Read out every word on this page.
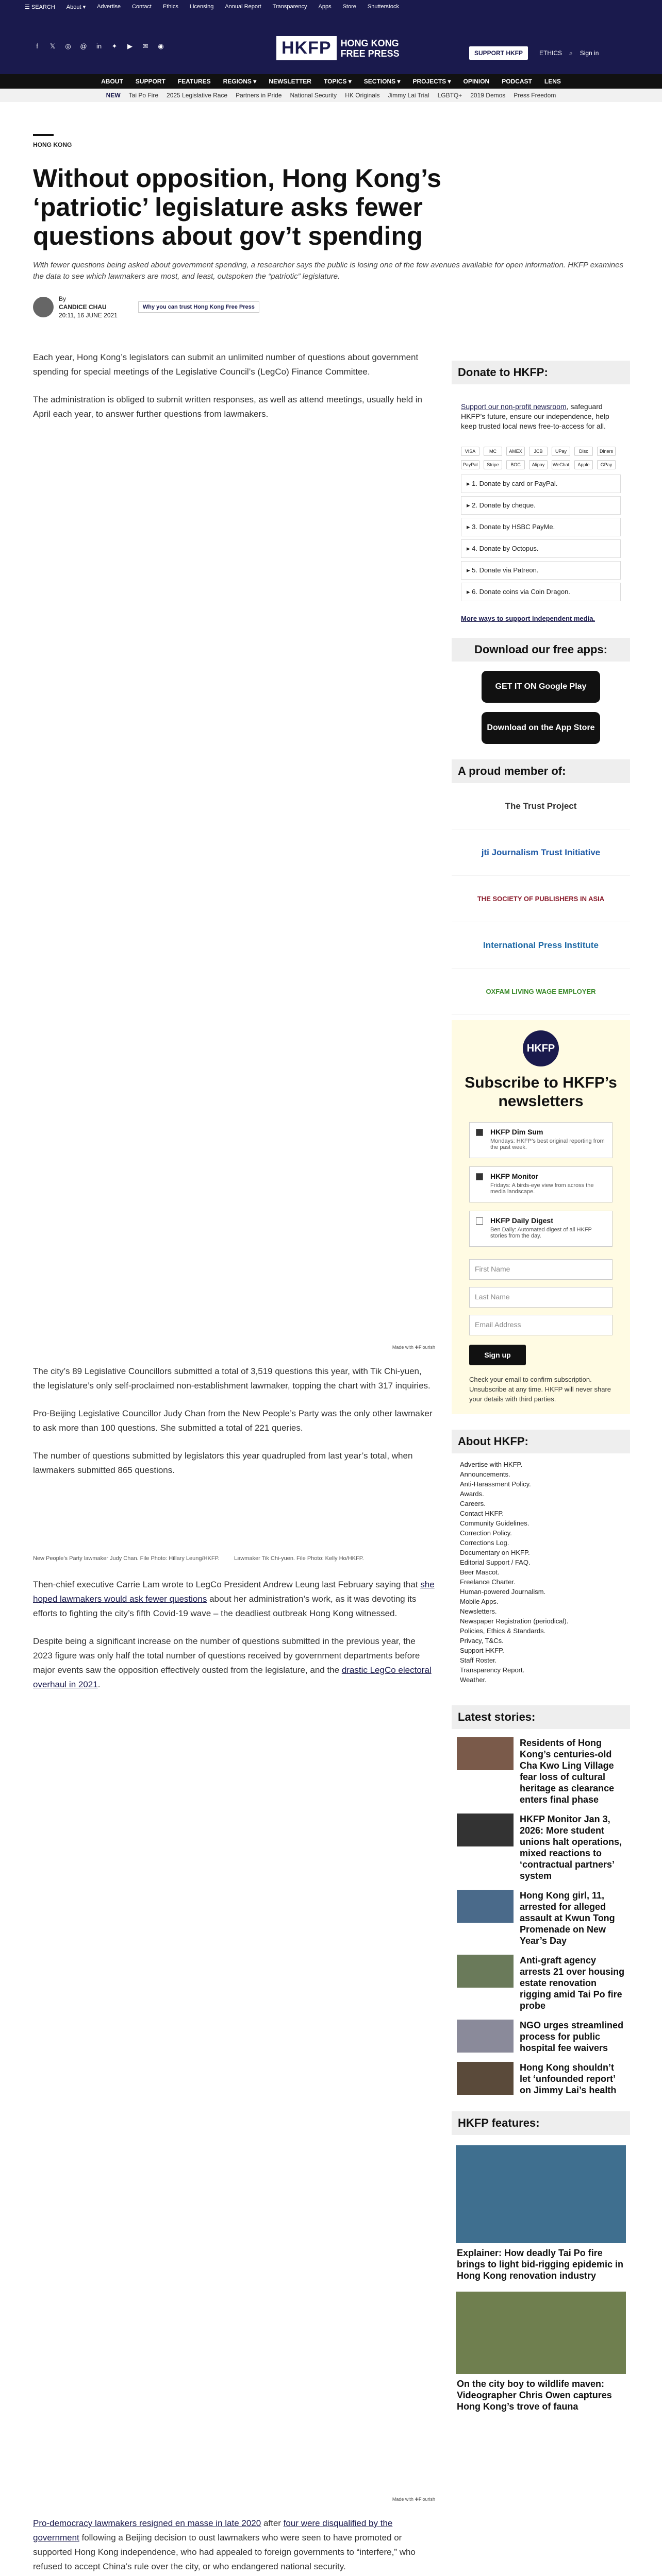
☰ SEARCH About ▾ Advertise Contact Ethics Licensing Annual Report Transparency Apps Store Shutterstock
f	𝕏 ◎ @ in ✦ ▶ ✉ ◉	HKFP	HONG KONG
FREE PRESS	SUPPORT HKFP	ETHICS ⌕ Sign in
ABOUT SUPPORT FEATURES REGIONS ▾ NEWSLETTER TOPICS ▾ SECTIONS ▾ PROJECTS ▾ OPINION PODCAST LENS
NEW Tai Po Fire 2025 Legislative Race Partners in Pride National Security HK Originals Jimmy Lai Trial LGBTQ+ 2019 Demos Press Freedom
HONG KONG
Without opposition, Hong Kong’s ‘patriotic’ legislature asks fewer questions about gov’t spending
With fewer questions being asked about government spending, a researcher says the public is losing one of the few avenues available for open information. HKFP examines the data to see which lawmakers are most, and least, outspoken the “patriotic” legislature.
By
CANDICE CHAU
20:11, 16 JUNE 2021
Why you can trust Hong Kong Free Press

Each year, Hong Kong’s legislators can submit an unlimited number of questions about government spending for special meetings of the Legislative Council’s (LegCo) Finance Committee.

The administration is obliged to submit written responses, as well as attend meetings, usually held in April each year, to answer further questions from lawmakers.

Made with ✚Flourish

The city’s 89 Legislative Councillors submitted a total of 3,519 questions this year, with Tik Chi-yuen, the legislature’s only self-proclaimed non-establishment lawmaker, topping the chart with 317 inquiries.

Pro-Beijing Legislative Councillor Judy Chan from the New People’s Party was the only other lawmaker to ask more than 100 questions. She submitted a total of 221 queries.

The number of questions submitted by legislators this year quadrupled from last year’s total, when lawmakers submitted 865 questions.

New People’s Party lawmaker Judy Chan. File Photo: Hillary Leung/HKFP.	Lawmaker Tik Chi-yuen. File Photo: Kelly Ho/HKFP.

Then-chief executive Carrie Lam wrote to LegCo President Andrew Leung last February saying that she hoped lawmakers would ask fewer questions about her administration’s work, as it was devoting its efforts to fighting the city’s fifth Covid-19 wave – the deadliest outbreak Hong Kong witnessed.

Despite being a significant increase on the number of questions submitted in the previous year, the 2023 figure was only half the total number of questions received by government departments before major events saw the opposition effectively ousted from the legislature, and the drastic LegCo electoral overhaul in 2021.

Made with ✚Flourish

Pro-democracy lawmakers resigned en masse in late 2020 after four were disqualified by the government following a Beijing decision to oust lawmakers who were seen to have promoted or supported Hong Kong independence, who had appealed to foreign governments to “interfere,” who refused to accept China’s rule over the city, or who endangered national security.

Donate to HKFP:
Support our non-profit newsroom, safeguard HKFP’s future, ensure our independence, help keep trusted local news free-to-access for all.
VISA	MC	AMEX	JCB	UPay	Disc	Diners
PayPal	Stripe	BOC	Alipay	WeChat	Apple	GPay
▸ 1. Donate by card or PayPal.
▸ 2. Donate by cheque.
▸ 3. Donate by HSBC PayMe.
▸ 4. Donate by Octopus.
▸ 5. Donate via Patreon.
▸ 6. Donate coins via Coin Dragon.
More ways to support independent media.
Download our free apps:
GET IT ON Google Play
Download on the App Store
A proud member of:
The Trust Project
jti Journalism Trust Initiative
THE SOCIETY OF PUBLISHERS IN ASIA
International Press Institute
OXFAM LIVING WAGE EMPLOYER
HKFP
Subscribe to HKFP’s newsletters
HKFP Dim Sum
Mondays: HKFP’s best original reporting from the past week.
HKFP Monitor
Fridays: A birds-eye view from across the media landscape.
HKFP Daily Digest
Ben Daily: Automated digest of all HKFP stories from the day.
First Name
Last Name
Email Address
Sign up
Check your email to confirm subscription. Unsubscribe at any time. HKFP will never share your details with third parties.
About HKFP:
Advertise with HKFP.
Announcements.
Anti-Harassment Policy.
Awards.
Careers.
Contact HKFP.
Community Guidelines.
Correction Policy.
Corrections Log.
Documentary on HKFP.
Editorial Support / FAQ.
Beer Mascot.
Freelance Charter.
Human-powered Journalism.
Mobile Apps.
Newsletters.
Newspaper Registration (periodical).
Policies, Ethics & Standards.
Privacy, T&Cs.
Support HKFP.
Staff Roster.
Transparency Report.
Weather.
Latest stories:
Residents of Hong Kong’s centuries-old Cha Kwo Ling Village fear loss of cultural heritage as clearance enters final phase
HKFP Monitor Jan 3, 2026: More student unions halt operations, mixed reactions to ‘contractual partners’ system
Hong Kong girl, 11, arrested for alleged assault at Kwun Tong Promenade on New Year’s Day
Anti-graft agency arrests 21 over housing estate renovation rigging amid Tai Po fire probe
NGO urges streamlined process for public hospital fee waivers
Hong Kong shouldn’t let ‘unfounded report’ on Jimmy Lai’s health
HKFP features:
Explainer: How deadly Tai Po fire brings to light bid-rigging epidemic in Hong Kong renovation industry
On the city boy to wildlife maven: Videographer Chris Owen captures Hong Kong’s trove of fauna
